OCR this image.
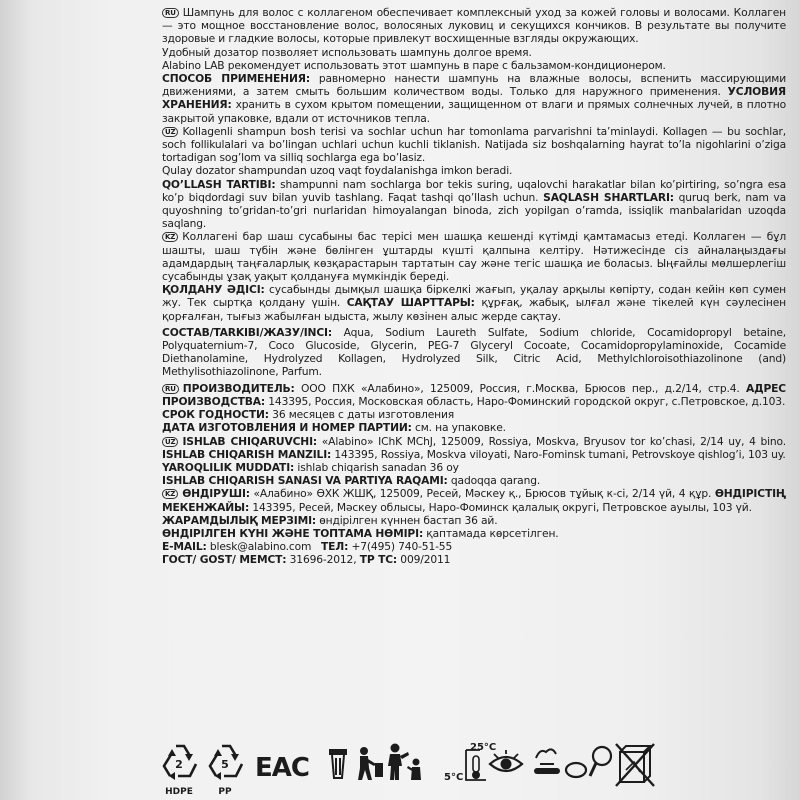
RU Шампунь для волос с коллагеном обеспечивает комплексный уход за кожей головы и волосами. Коллаген — это мощное восстановление волос, волосяных луковиц и секущихся кончиков. В результате вы получите здоровые и гладкие волосы, которые привлекут восхищенные взгляды окружающих.

Удобный дозатор позволяет использовать шампунь долгое время.

Alabino LAB рекомендует использовать этот шампунь в паре с бальзамом-кондиционером.

СПОСОБ ПРИМЕНЕНИЯ: равномерно нанести шампунь на влажные волосы, вспенить массирующими движениями, а затем смыть большим количеством воды. Только для наружного применения. УСЛОВИЯ ХРАНЕНИЯ: хранить в сухом крытом помещении, защищенном от влаги и прямых солнечных лучей, в плотно закрытой упаковке, вдали от источников тепла.

UZ Kollagenli shampun bosh terisi va sochlar uchun har tomonlama parvarishni ta’minlaydi. Kollagen — bu sochlar, soch follikulalari va bo’lingan uchlari uchun kuchli tiklanish. Natijada siz boshqalarning hayrat to’la nigohlarini o’ziga tortadigan sog’lom va silliq sochlarga ega bo’lasiz.

Qulay dozator shampundan uzoq vaqt foydalanishga imkon beradi.

QO’LLASH TARTIBI: shampunni nam sochlarga bor tekis suring, uqalovchi harakatlar bilan ko’pirtiring, so’ngra esa ko’p biqdordagi suv bilan yuvib tashlang. Faqat tashqi qo’llash uchun. SAQLASH SHARTLARI: quruq berk, nam va quyoshning to’gridan-to’gri nurlaridan himoyalangan binoda, zich yopilgan o’ramda, issiqlik manbalaridan uzoqda saqlang.

KZ Коллагені бар шаш сусабыны бас терісі мен шашқа кешенді күтімді қамтамасыз етеді. Коллаген — бұл шашты, шаш түбін және бөлінген ұштарды күшті қалпына келтіру. Нәтижесінде сіз айналаңыздағы адамдардың таңғаларлық көзқарастарын тартатын сау және тегіс шашқа ие боласыз. Ыңғайлы мөлшерлегіш сусабынды ұзақ уақыт қолдануға мүмкіндік береді.

ҚОЛДАНУ ӘДІСІ: сусабынды дымқыл шашқа біркелкі жағып, уқалау арқылы көпірту, содан кейін көп сумен жу. Тек сыртқа қолдану үшін. САҚТАУ ШАРТТАРЫ: құрғақ, жабық, ылғал және тікелей күн сәулесінен қорғалған, тығыз жабылған ыдыста, жылу көзінен алыс жерде сақтау.

СОСТАВ/TARKIBI/ЖАЗУ/INCI: Aqua, Sodium Laureth Sulfate, Sodium chloride, Cocamidopropyl betaine, Polyquaternium-7, Coco Glucoside, Glycerin, PEG-7 Glyceryl Cocoate, Cocamidopropylaminoxide, Cocamide Diethanolamine, Hydrolyzed Kollagen, Hydrolyzed Silk, Citric Acid, Methylchloroisothiazolinone (and) Methylisothiazolinone, Parfum.

RU ПРОИЗВОДИТЕЛЬ: ООО ПХК «Алабино», 125009, Россия, г.Москва, Брюсов пер., д.2/14, стр.4. АДРЕС ПРОИЗВОДСТВА: 143395, Россия, Московская область, Наро-Фоминский городской округ, с.Петровское, д.103.

СРОК ГОДНОСТИ: 36 месяцев с даты изготовления

ДАТА ИЗГОТОВЛЕНИЯ И НОМЕР ПАРТИИ: см. на упаковке.

UZ ISHLAB CHIQARUVCHI: «Alabino» IChK MChJ, 125009, Rossiya, Moskva, Bryusov tor ko’chasi, 2/14 uy, 4 bino. ISHLAB CHIQARISH MANZILI: 143395, Rossiya, Moskva viloyati, Naro-Fominsk tumani, Petrovskoye qishlog’i, 103 uy.

YAROQLILIK MUDDATI: ishlab chiqarish sanadan 36 oy

ISHLAB CHIQARISH SANASI VA PARTIYA RAQAMI: qadoqqa qarang.

KZ ӨНДІРУШІ: «Алабино» ӨХК ЖШҚ, 125009, Ресей, Мәскеу қ., Брюсов тұйық к-сі, 2/14 үй, 4 құр. ӨНДІРІСТІҢ МЕКЕНЖАЙЫ: 143395, Ресей, Мәскеу облысы, Наро-Фоминск қалалық округі, Петровское ауылы, 103 үй.

ЖАРАМДЫЛЫҚ МЕРЗІМІ: өндірілген күннен бастап 36 ай.

ӨНДІРІЛГЕН КҮНІ ЖӘНЕ ТОПТАМА НӨМІРІ: қаптамада көрсетілген.

E-MAIL: blesk@alabino.com ТЕЛ: +7(495) 740-51-55

ГОСТ/ GOST/ МЕМСТ: 31696-2012, ТР ТС: 009/2011

2
HDPE
5
PP
EAC
25°C
5°C
